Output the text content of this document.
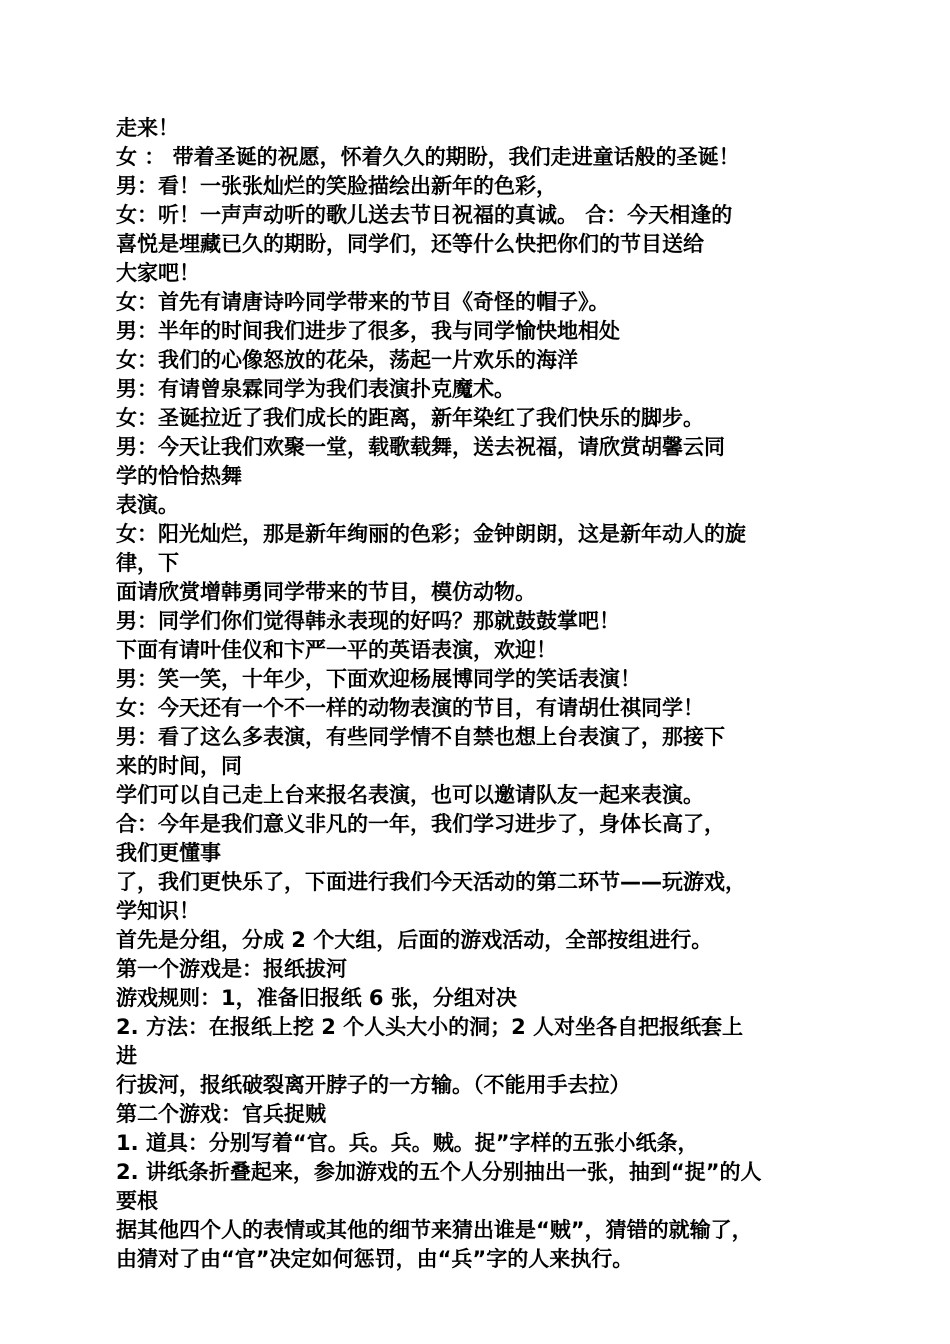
走来！
女 ： 带着圣诞的祝愿，怀着久久的期盼，我们走进童话般的圣诞！
男：看！一张张灿烂的笑脸描绘出新年的色彩，
女：听！一声声动听的歌儿送去节日祝福的真诚。 合：今天相逢的
喜悦是埋藏已久的期盼，同学们，还等什么快把你们的节目送给
大家吧！
女：首先有请唐诗吟同学带来的节目《奇怪的帽子》。
男：半年的时间我们进步了很多，我与同学愉快地相处
女：我们的心像怒放的花朵，荡起一片欢乐的海洋
男：有请曾泉霖同学为我们表演扑克魔术。
女：圣诞拉近了我们成长的距离，新年染红了我们快乐的脚步。
男：今天让我们欢聚一堂，载歌载舞，送去祝福，请欣赏胡馨云同
学的恰恰热舞
表演。
女：阳光灿烂，那是新年绚丽的色彩；金钟朗朗，这是新年动人的旋
律，下
面请欣赏增韩勇同学带来的节目，模仿动物。
男：同学们你们觉得韩永表现的好吗？那就鼓鼓掌吧！
下面有请叶佳仪和卞严一平的英语表演，欢迎！
男：笑一笑，十年少，下面欢迎杨展博同学的笑话表演！
女：今天还有一个不一样的动物表演的节目，有请胡仕祺同学！
男：看了这么多表演，有些同学情不自禁也想上台表演了，那接下
来的时间，同
学们可以自己走上台来报名表演，也可以邀请队友一起来表演。
合：今年是我们意义非凡的一年，我们学习进步了，身体长高了，
我们更懂事
了，我们更快乐了，下面进行我们今天活动的第二环节——玩游戏，
学知识！
首先是分组，分成 2 个大组，后面的游戏活动，全部按组进行。
第一个游戏是：报纸拔河
游戏规则：1，准备旧报纸 6 张，分组对决
2. 方法：在报纸上挖 2 个人头大小的洞；2 人对坐各自把报纸套上
进
行拔河，报纸破裂离开脖子的一方输。（不能用手去拉）
第二个游戏：官兵捉贼
1. 道具：分别写着“官。兵。兵。贼。捉”字样的五张小纸条，
2. 讲纸条折叠起来，参加游戏的五个人分别抽出一张，抽到“捉”的人
要根
据其他四个人的表情或其他的细节来猜出谁是“贼”，猜错的就输了，
由猜对了由“官”决定如何惩罚，由“兵”字的人来执行。
